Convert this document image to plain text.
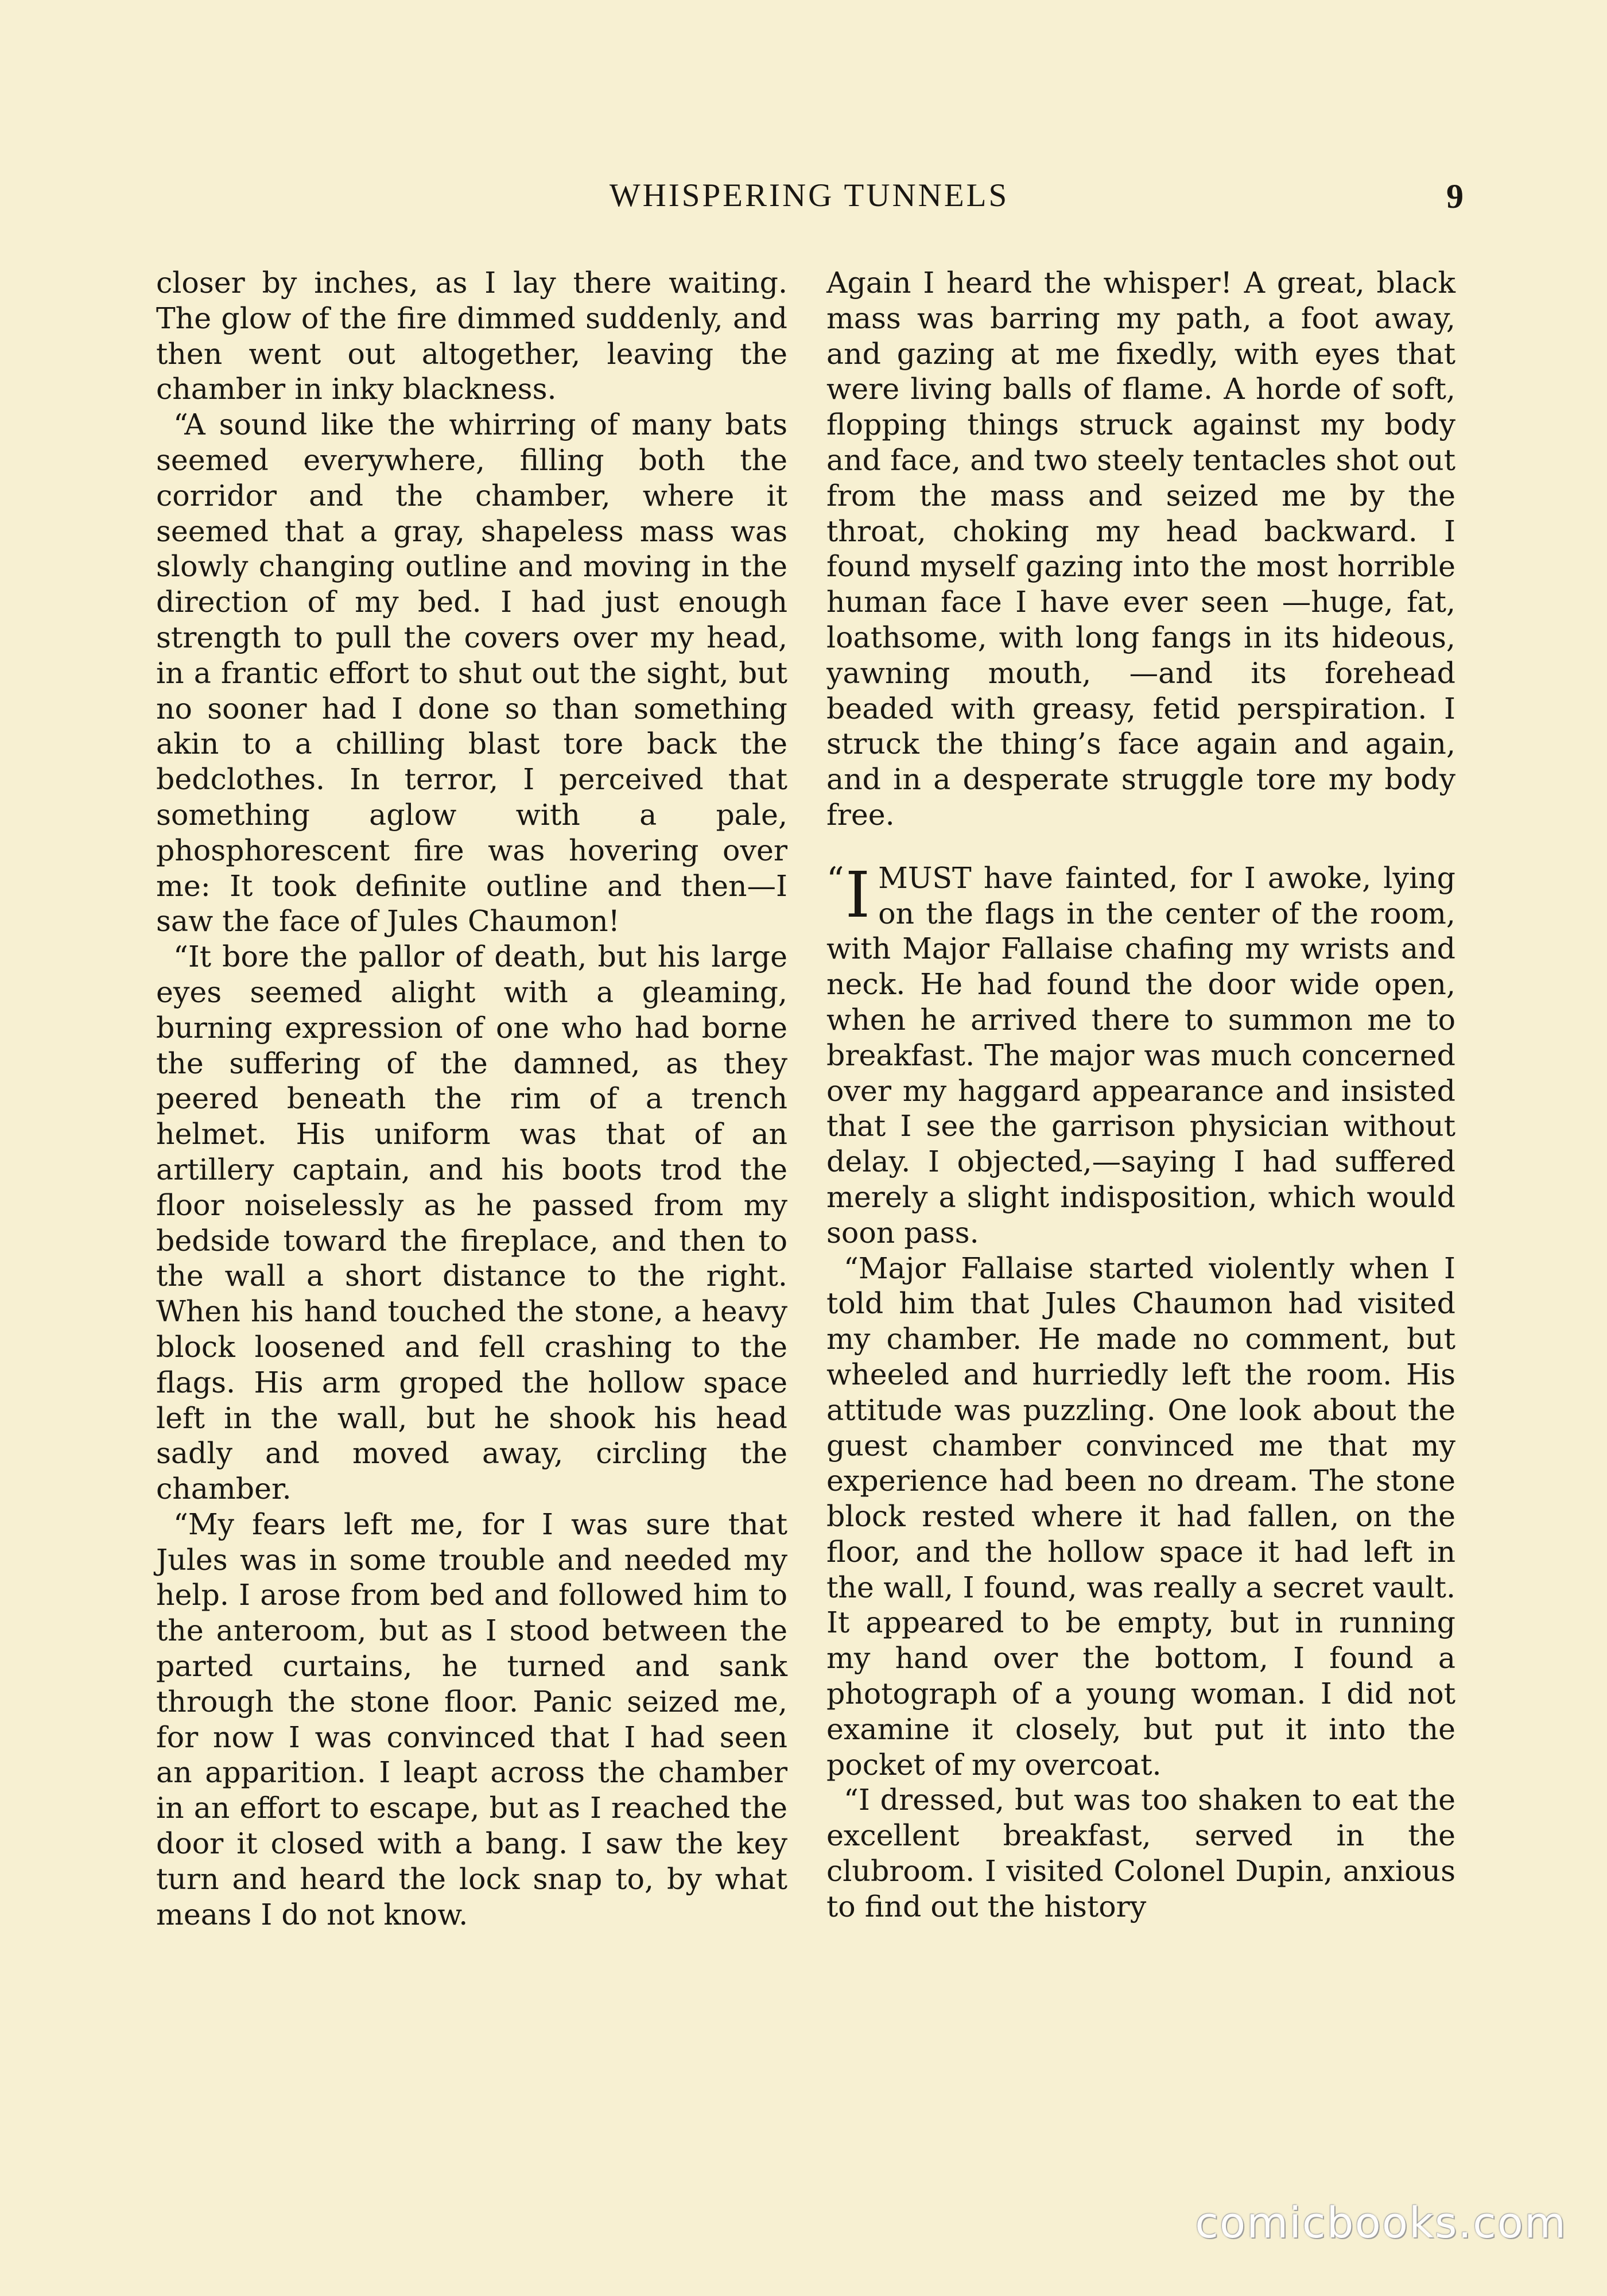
WHISPERING TUNNELS	9

closer by inches, as I lay there waiting. The glow of the fire dimmed suddenly, and then went out altogether, leaving the chamber in inky blackness.

“A sound like the whirring of many bats seemed everywhere, filling both the corridor and the chamber, where it seemed that a gray, shapeless mass was slowly changing outline and moving in the direction of my bed. I had just enough strength to pull the covers over my head, in a frantic effort to shut out the sight, but no sooner had I done so than something akin to a chilling blast tore back the bedclothes. In terror, I perceived that something aglow with a pale, phosphorescent fire was hovering over me: It took definite outline and then—I saw the face of Jules Chaumon!

“It bore the pallor of death, but his large eyes seemed alight with a gleaming, burning expression of one who had borne the suffering of the damned, as they peered beneath the rim of a trench helmet. His uniform was that of an artillery captain, and his boots trod the floor noiselessly as he passed from my bedside toward the fireplace, and then to the wall a short distance to the right. When his hand touched the stone, a heavy block loosened and fell crashing to the flags. His arm groped the hollow space left in the wall, but he shook his head sadly and moved away, circling the chamber.

“My fears left me, for I was sure that Jules was in some trouble and needed my help. I arose from bed and followed him to the anteroom, but as I stood between the parted curtains, he turned and sank through the stone floor. Panic seized me, for now I was convinced that I had seen an apparition. I leapt across the chamber in an effort to escape, but as I reached the door it closed with a bang. I saw the key turn and heard the lock snap to, by what means I do not know.

Again I heard the whisper! A great, black mass was barring my path, a foot away, and gazing at me fixedly, with eyes that were living balls of flame. A horde of soft, flopping things struck against my body and face, and two steely tentacles shot out from the mass and seized me by the throat, choking my head backward. I found myself gazing into the most horrible human face I have ever seen —huge, fat, loathsome, with long fangs in its hideous, yawning mouth, —and its forehead beaded with greasy, fetid perspiration. I struck the thing’s face again and again, and in a desperate struggle tore my body free.

“ I MUST have fainted, for I awoke, lying on the flags in the center of the room, with Major Fallaise chafing my wrists and neck. He had found the door wide open, when he arrived there to summon me to breakfast. The major was much concerned over my haggard appearance and insisted that I see the garrison physician without delay. I objected,—saying I had suffered merely a slight indisposition, which would soon pass.

“Major Fallaise started violently when I told him that Jules Chaumon had visited my chamber. He made no comment, but wheeled and hurriedly left the room. His attitude was puzzling. One look about the guest chamber convinced me that my experience had been no dream. The stone block rested where it had fallen, on the floor, and the hollow space it had left in the wall, I found, was really a secret vault. It appeared to be empty, but in running my hand over the bottom, I found a photograph of a young woman. I did not examine it closely, but put it into the pocket of my overcoat.

“I dressed, but was too shaken to eat the excellent breakfast, served in the clubroom. I visited Colonel Dupin, anxious to find out the history

comicbooks.com
